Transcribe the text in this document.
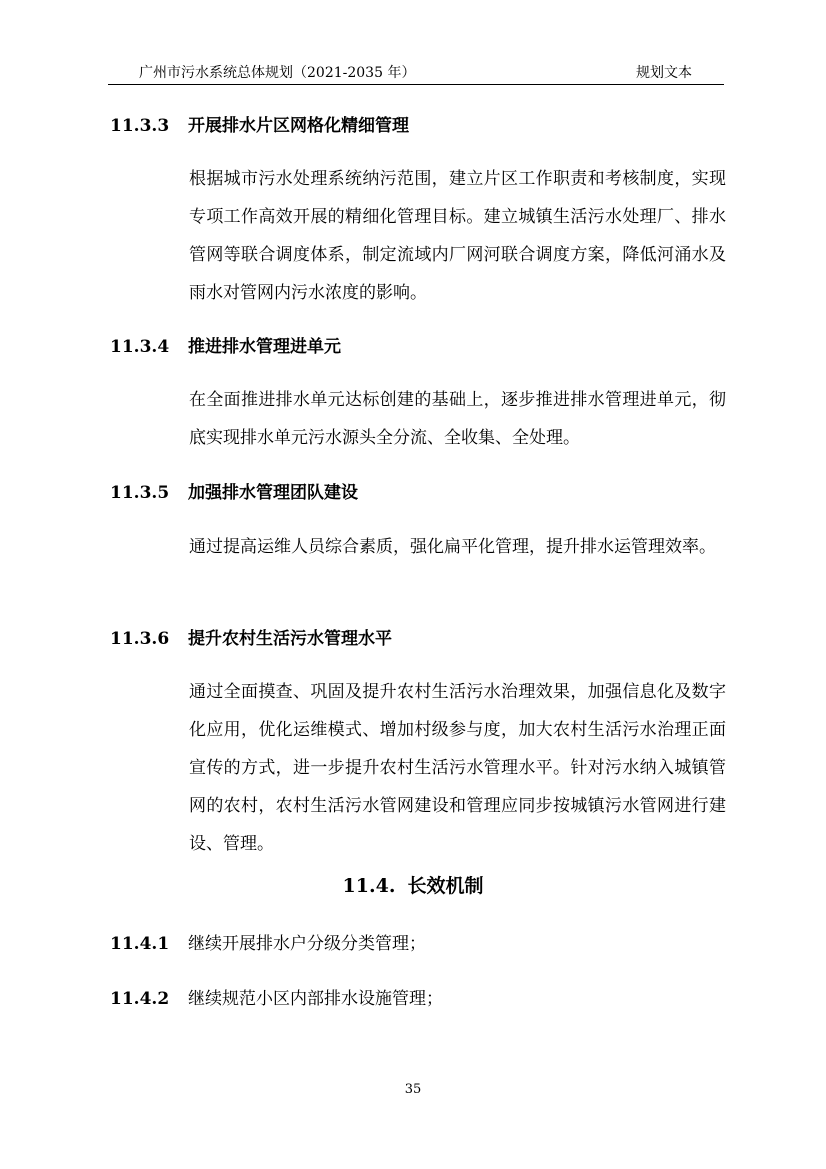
广州市污水系统总体规划（2021-2035 年）	规划文本
11.3.3 开展排水片区网格化精细管理

根据城市污水处理系统纳污范围，建立片区工作职责和考核制度，实现专项工作高效开展的精细化管理目标。建立城镇生活污水处理厂、排水管网等联合调度体系，制定流域内厂网河联合调度方案，降低河涌水及雨水对管网内污水浓度的影响。

11.3.4 推进排水管理进单元

在全面推进排水单元达标创建的基础上，逐步推进排水管理进单元，彻底实现排水单元污水源头全分流、全收集、全处理。

11.3.5 加强排水管理团队建设

通过提高运维人员综合素质，强化扁平化管理，提升排水运管理效率。

11.3.6 提升农村生活污水管理水平

通过全面摸查、巩固及提升农村生活污水治理效果，加强信息化及数字化应用，优化运维模式、增加村级参与度，加大农村生活污水治理正面宣传的方式，进一步提升农村生活污水管理水平。针对污水纳入城镇管网的农村，农村生活污水管网建设和管理应同步按城镇污水管网进行建设、管理。

11.4. 长效机制
11.4.1 继续开展排水户分级分类管理；
11.4.2 继续规范小区内部排水设施管理；
35
